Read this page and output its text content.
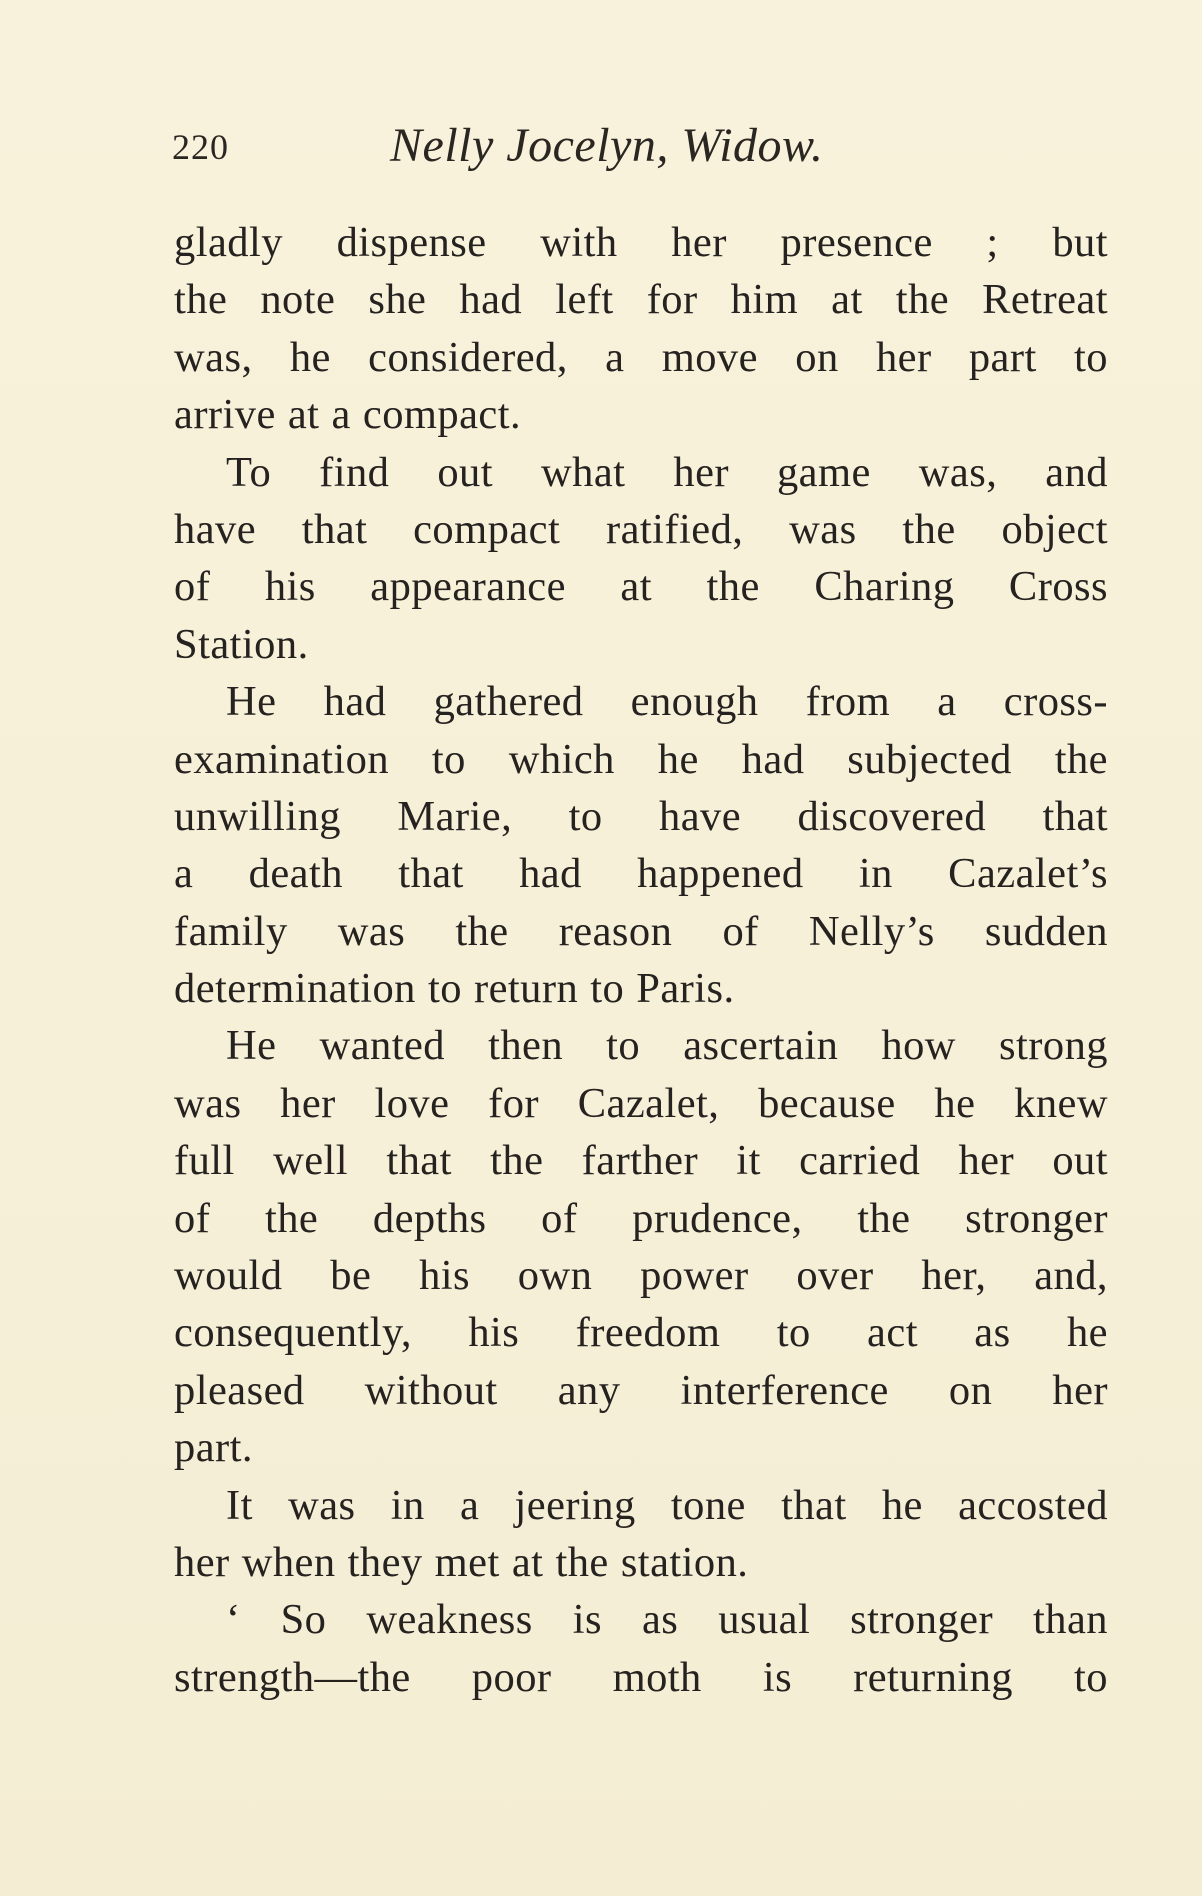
220	Nelly Jocelyn, Widow.
gladly dispense with her presence ; but
the note she had left for him at the Retreat
was, he considered, a move on her part to
arrive at a compact.
To find out what her game was, and
have that compact ratified, was the object
of his appearance at the Charing Cross
Station.
He had gathered enough from a cross-
examination to which he had subjected the
unwilling Marie, to have discovered that
a death that had happened in Cazalet’s
family was the reason of Nelly’s sudden
determination to return to Paris.
He wanted then to ascertain how strong
was her love for Cazalet, because he knew
full well that the farther it carried her out
of the depths of prudence, the stronger
would be his own power over her, and,
consequently, his freedom to act as he
pleased without any interference on her
part.
It was in a jeering tone that he accosted
her when they met at the station.
‘ So weakness is as usual stronger than
strength—the poor moth is returning to
